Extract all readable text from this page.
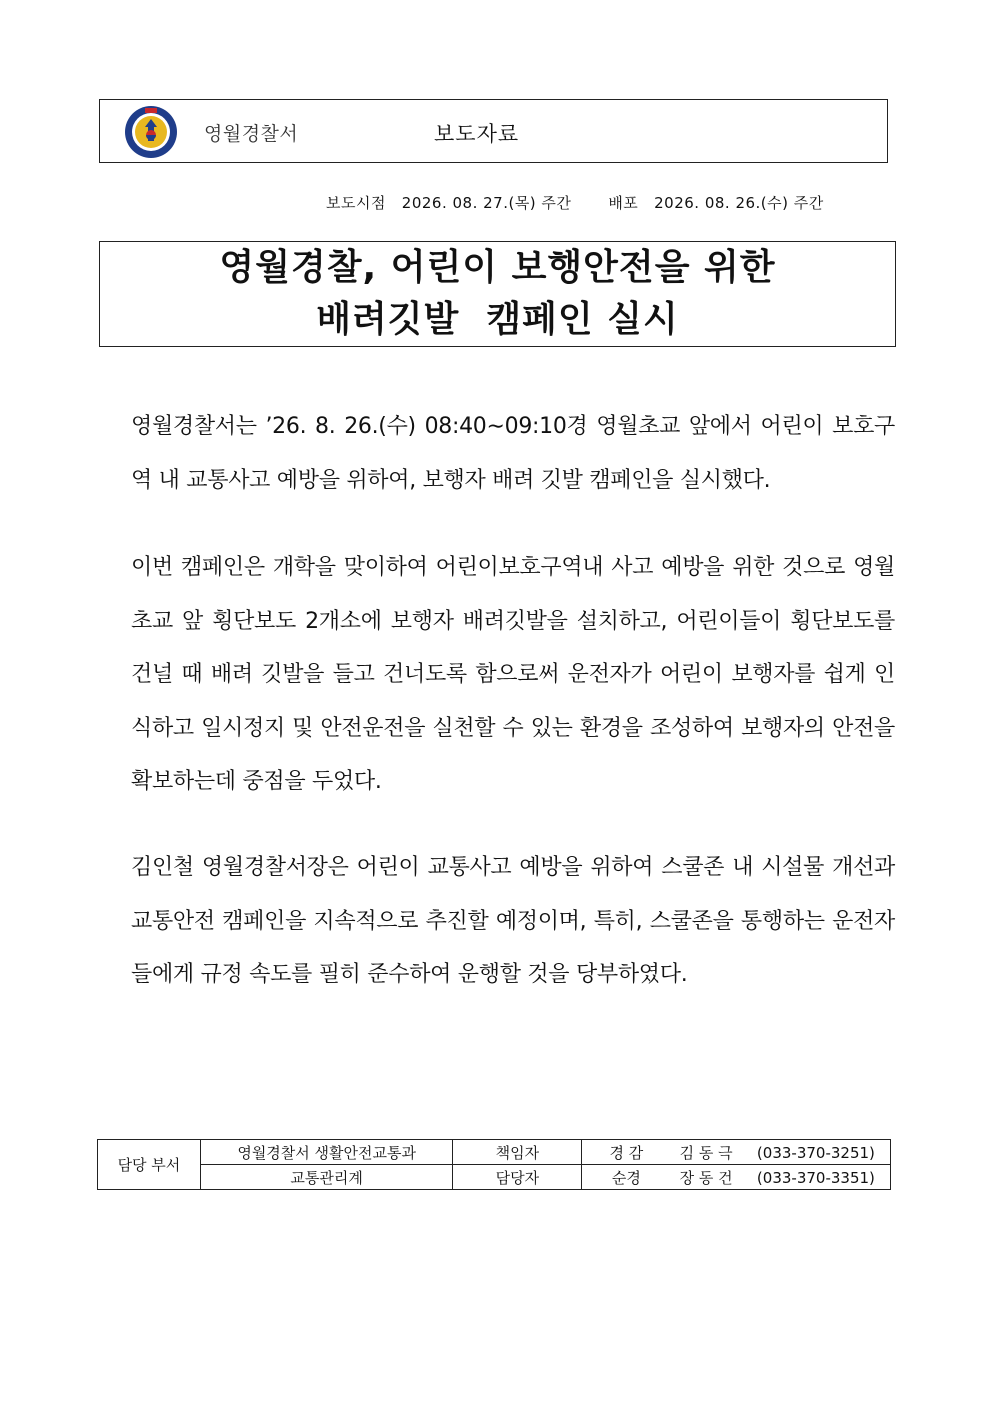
영월경찰서	보도자료
보도시점 2026. 08. 27.(목) 주간 배포 2026. 08. 26.(수) 주간
영월경찰, 어린이 보행안전을 위한
배려깃발  캠페인 실시
영월경찰서는 ’26. 8. 26.(수) 08:40∼09:10경 영월초교 앞에서 어린이 보호구역 내 교통사고 예방을 위하여, 보행자 배려 깃발 캠페인을 실시했다.
이번 캠페인은 개학을 맞이하여 어린이보호구역내 사고 예방을 위한 것으로 영월초교 앞 횡단보도 2개소에 보행자 배려깃발을 설치하고, 어린이들이 횡단보도를 건널 때 배려 깃발을 들고 건너도록 함으로써 운전자가 어린이 보행자를 쉽게 인식하고 일시정지 및 안전운전을 실천할 수 있는 환경을 조성하여 보행자의 안전을 확보하는데 중점을 두었다.
김인철 영월경찰서장은 어린이 교통사고 예방을 위하여 스쿨존 내 시설물 개선과 교통안전 캠페인을 지속적으로 추진할 예정이며, 특히, 스쿨존을 통행하는 운전자들에게 규정 속도를 필히 준수하여 운행할 것을 당부하였다.
담당 부서	영월경찰서 생활안전교통과	책임자	경 감 김 동 극 (033-370-3251)
	교통관리계	담당자	순경 장 동 건 (033-370-3351)
